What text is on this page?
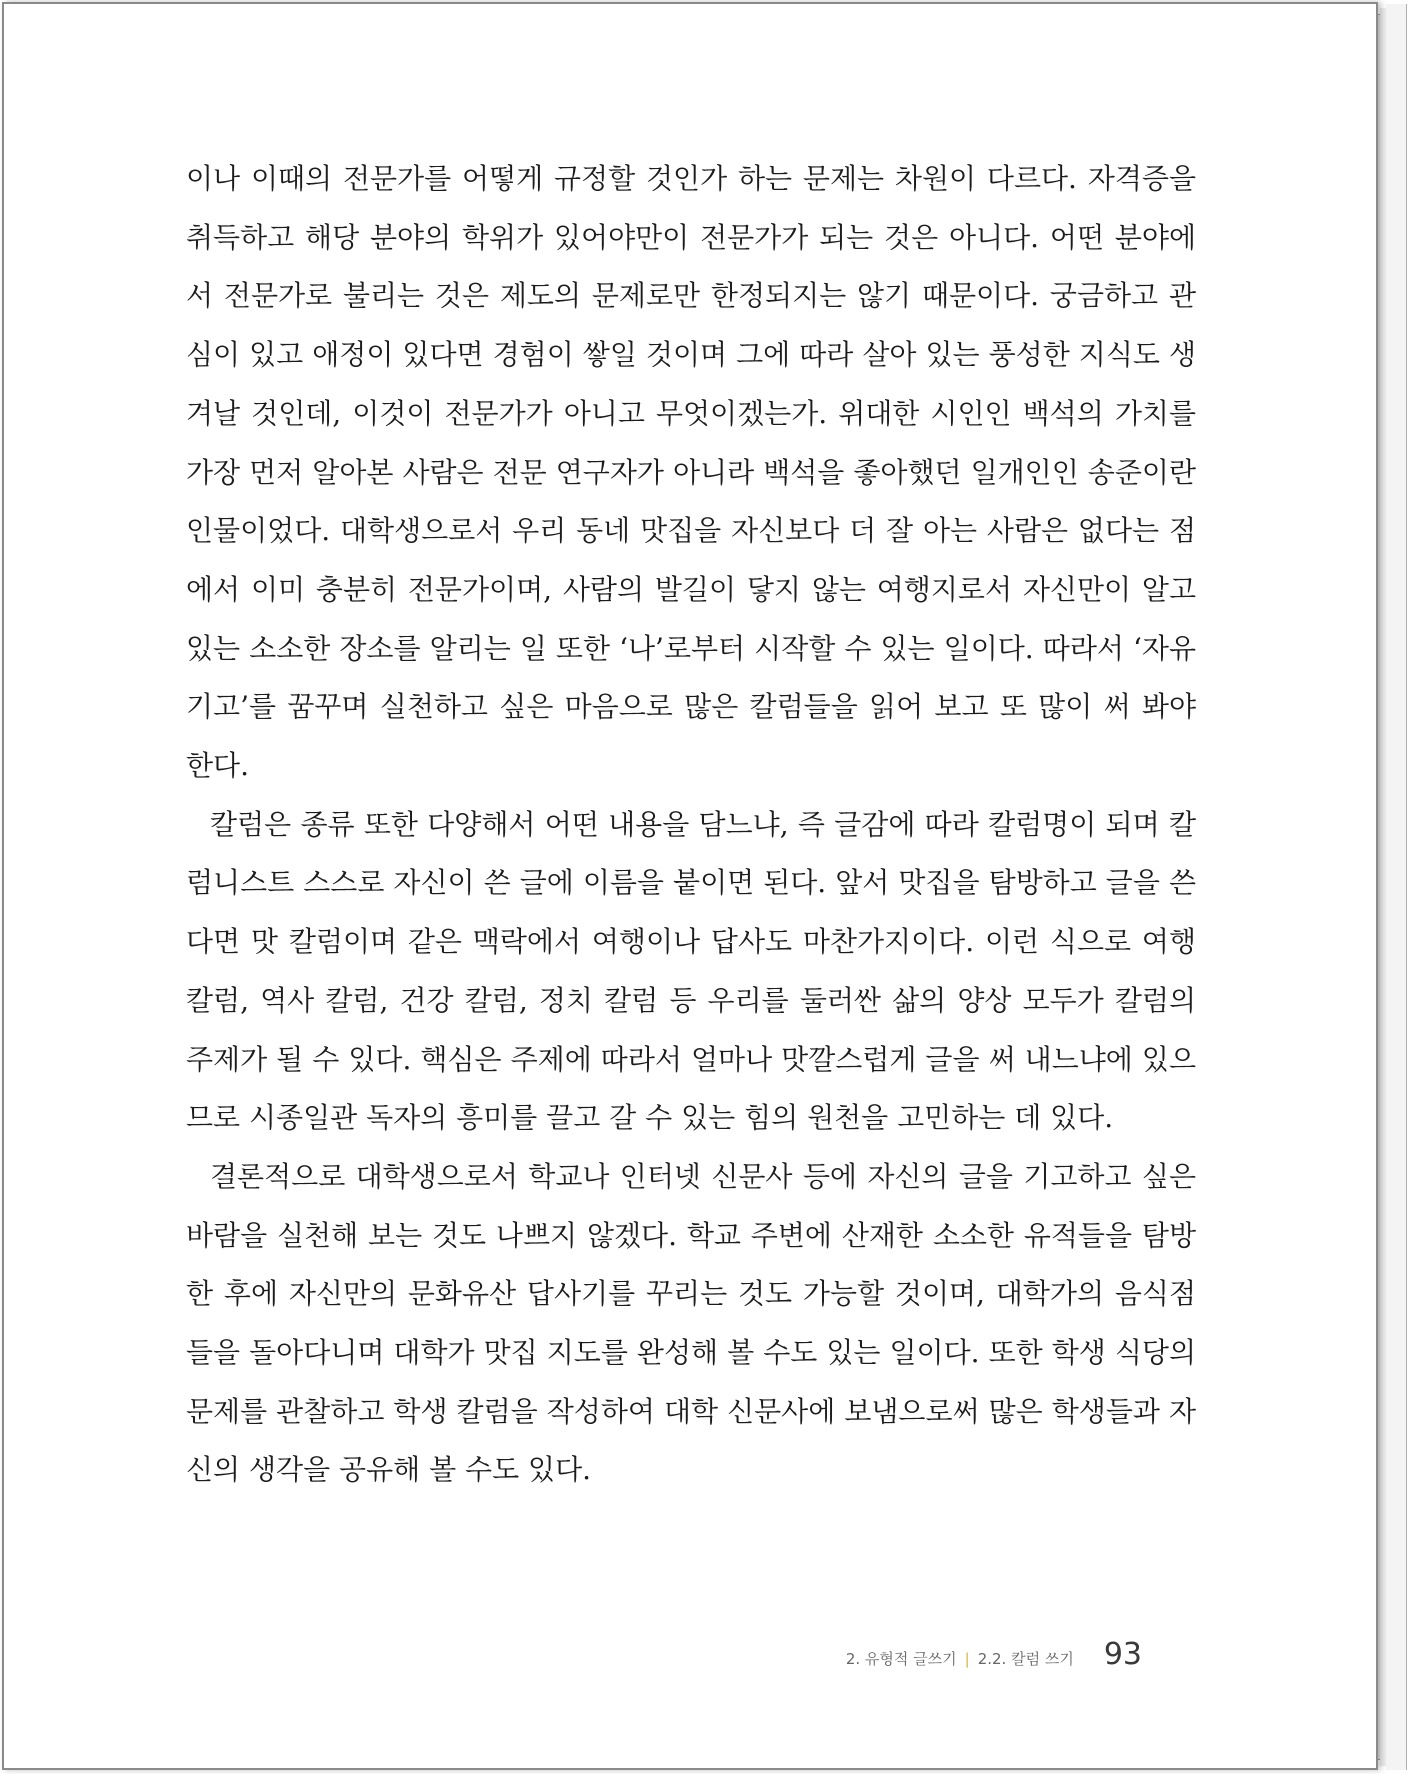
이나 이때의 전문가를 어떻게 규정할 것인가 하는 문제는 차원이 다르다. 자격증을 취득하고 해당 분야의 학위가 있어야만이 전문가가 되는 것은 아니다. 어떤 분야에서 전문가로 불리는 것은 제도의 문제로만 한정되지는 않기 때문이다. 궁금하고 관심이 있고 애정이 있다면 경험이 쌓일 것이며 그에 따라 살아 있는 풍성한 지식도 생겨날 것인데, 이것이 전문가가 아니고 무엇이겠는가. 위대한 시인인 백석의 가치를 가장 먼저 알아본 사람은 전문 연구자가 아니라 백석을 좋아했던 일개인인 송준이란 인물이었다. 대학생으로서 우리 동네 맛집을 자신보다 더 잘 아는 사람은 없다는 점에서 이미 충분히 전문가이며, 사람의 발길이 닿지 않는 여행지로서 자신만이 알고 있는 소소한 장소를 알리는 일 또한 ‘나’로부터 시작할 수 있는 일이다. 따라서 ‘자유 기고’를 꿈꾸며 실천하고 싶은 마음으로 많은 칼럼들을 읽어 보고 또 많이 써 봐야 한다.

칼럼은 종류 또한 다양해서 어떤 내용을 담느냐, 즉 글감에 따라 칼럼명이 되며 칼럼니스트 스스로 자신이 쓴 글에 이름을 붙이면 된다. 앞서 맛집을 탐방하고 글을 쓴다면 맛 칼럼이며 같은 맥락에서 여행이나 답사도 마찬가지이다. 이런 식으로 여행 칼럼, 역사 칼럼, 건강 칼럼, 정치 칼럼 등 우리를 둘러싼 삶의 양상 모두가 칼럼의 주제가 될 수 있다. 핵심은 주제에 따라서 얼마나 맛깔스럽게 글을 써 내느냐에 있으므로 시종일관 독자의 흥미를 끌고 갈 수 있는 힘의 원천을 고민하는 데 있다.

결론적으로 대학생으로서 학교나 인터넷 신문사 등에 자신의 글을 기고하고 싶은 바람을 실천해 보는 것도 나쁘지 않겠다. 학교 주변에 산재한 소소한 유적들을 탐방한 후에 자신만의 문화유산 답사기를 꾸리는 것도 가능할 것이며, 대학가의 음식점들을 돌아다니며 대학가 맛집 지도를 완성해 볼 수도 있는 일이다. 또한 학생 식당의 문제를 관찰하고 학생 칼럼을 작성하여 대학 신문사에 보냄으로써 많은 학생들과 자신의 생각을 공유해 볼 수도 있다.

2. 유형적 글쓰기 | 2.2. 칼럼 쓰기 93
